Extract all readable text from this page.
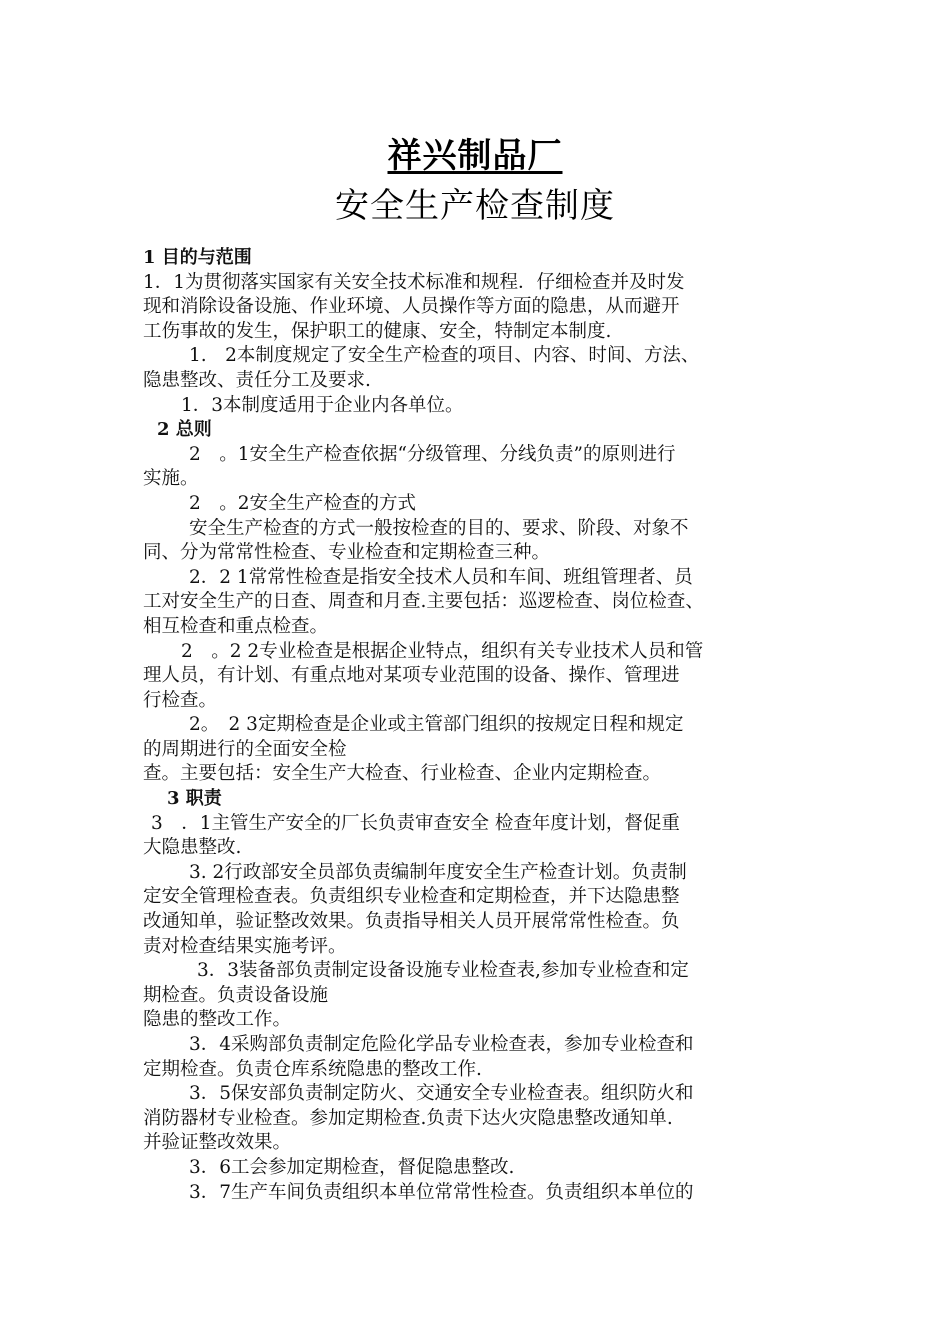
祥兴制品厂
安全生产检查制度

1 目的与范围

1．1为贯彻落实国家有关安全技术标准和规程．仔细检查并及时发

现和消除设备设施、作业环境、人员操作等方面的隐患，从而避开

工伤事故的发生，保护职工的健康、安全，特制定本制度.

1.　2本制度规定了安全生产检查的项目、内容、时间、方法、

隐患整改、责任分工及要求.

1．3本制度适用于企业内各单位。

2 总则

2　。1安全生产检查依据“分级管理、分线负责”的原则进行

实施。

2　。2安全生产检查的方式

安全生产检查的方式一般按检查的目的、要求、阶段、对象不

同、分为常常性检查、专业检查和定期检查三种。

2．2 1常常性检查是指安全技术人员和车间、班组管理者、员

工对安全生产的日查、周查和月查.主要包括：巡逻检查、岗位检查、

相互检查和重点检查。

2　。2 2专业检查是根据企业特点，组织有关专业技术人员和管

理人员，有计划、有重点地对某项专业范围的设备、操作、管理进

行检查。

2。　2 3定期检查是企业或主管部门组织的按规定日程和规定

的周期进行的全面安全检

查。主要包括：安全生产大检查、行业检查、企业内定期检查。

3 职责

3　．1主管生产安全的厂长负责审查安全 检查年度计划，督促重

大隐患整改.

3. 2行政部安全员部负责编制年度安全生产检查计划。负责制

定安全管理检查表。负责组织专业检查和定期检查，并下达隐患整

改通知单，验证整改效果。负责指导相关人员开展常常性检查。负

责对检查结果实施考评。

3．3装备部负责制定设备设施专业检查表,参加专业检查和定

期检查。负责设备设施

隐患的整改工作。

3．4采购部负责制定危险化学品专业检查表，参加专业检查和

定期检查。负责仓库系统隐患的整改工作.

3．5保安部负责制定防火、交通安全专业检查表。组织防火和

消防器材专业检查。参加定期检查.负责下达火灾隐患整改通知单.

并验证整改效果。

3．6工会参加定期检查，督促隐患整改.

3．7生产车间负责组织本单位常常性检查。负责组织本单位的
